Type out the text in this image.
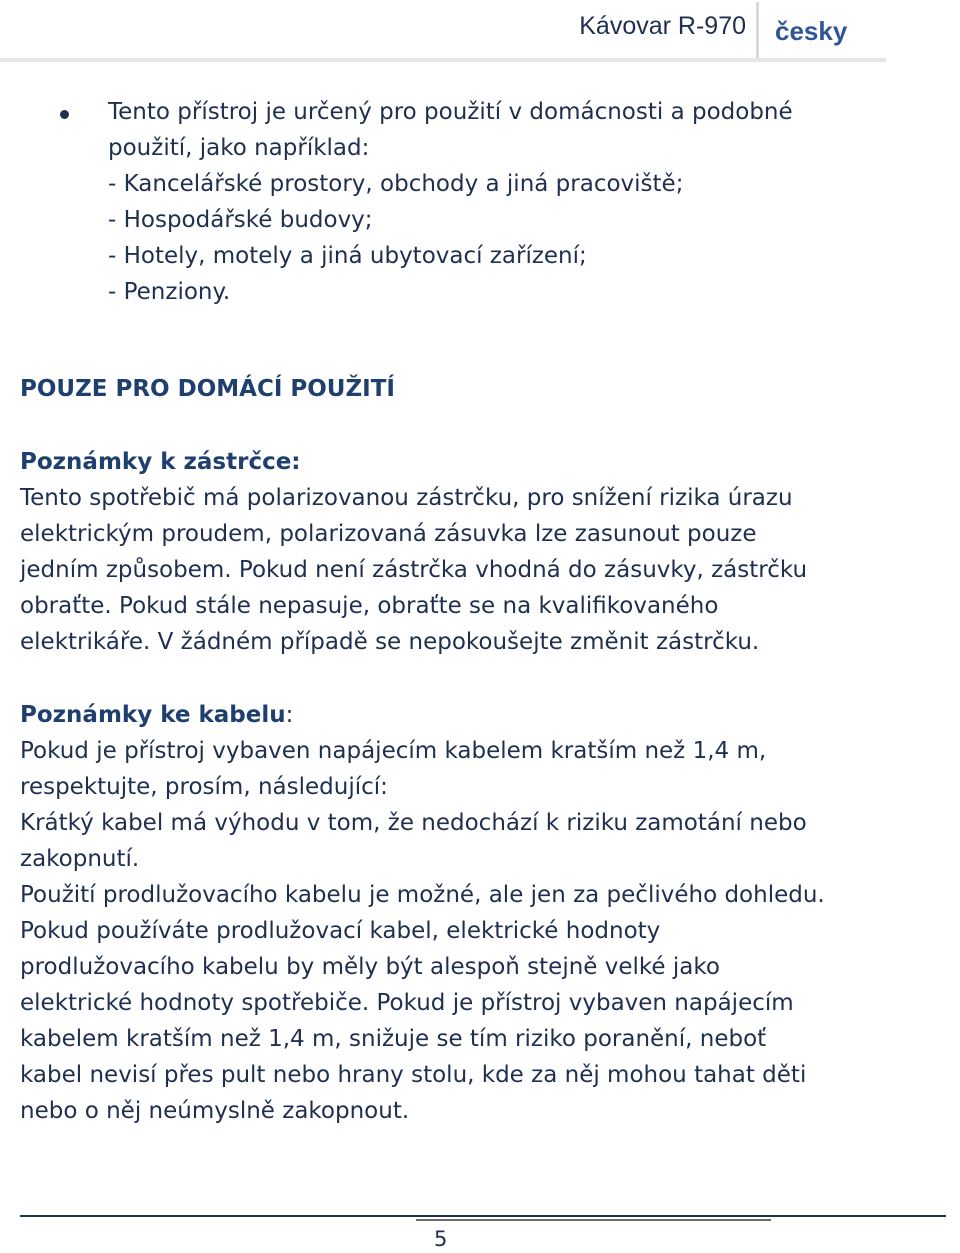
Kávovar R-970 česky
Tento přístroj je určený pro použití v domácnosti a podobné
použití, jako například:
- Kancelářské prostory, obchody a jiná pracoviště;
- Hospodářské budovy;
- Hotely, motely a jiná ubytovací zařízení;
- Penziony.
POUZE PRO DOMÁCÍ POUŽITÍ
Poznámky k zástrčce:
Tento spotřebič má polarizovanou zástrčku, pro snížení rizika úrazu
elektrickým proudem, polarizovaná zásuvka lze zasunout pouze
jedním způsobem. Pokud není zástrčka vhodná do zásuvky, zástrčku
obraťte. Pokud stále nepasuje, obraťte se na kvalifikovaného
elektrikáře. V žádném případě se nepokoušejte změnit zástrčku.
Poznámky ke kabelu:
Pokud je přístroj vybaven napájecím kabelem kratším než 1,4 m,
respektujte, prosím, následující:
Krátký kabel má výhodu v tom, že nedochází k riziku zamotání nebo
zakopnutí.
Použití prodlužovacího kabelu je možné, ale jen za pečlivého dohledu.
Pokud používáte prodlužovací kabel, elektrické hodnoty
prodlužovacího kabelu by měly být alespoň stejně velké jako
elektrické hodnoty spotřebiče. Pokud je přístroj vybaven napájecím
kabelem kratším než 1,4 m, snižuje se tím riziko poranění, neboť
kabel nevisí přes pult nebo hrany stolu, kde za něj mohou tahat děti
nebo o něj neúmyslně zakopnout.
5
